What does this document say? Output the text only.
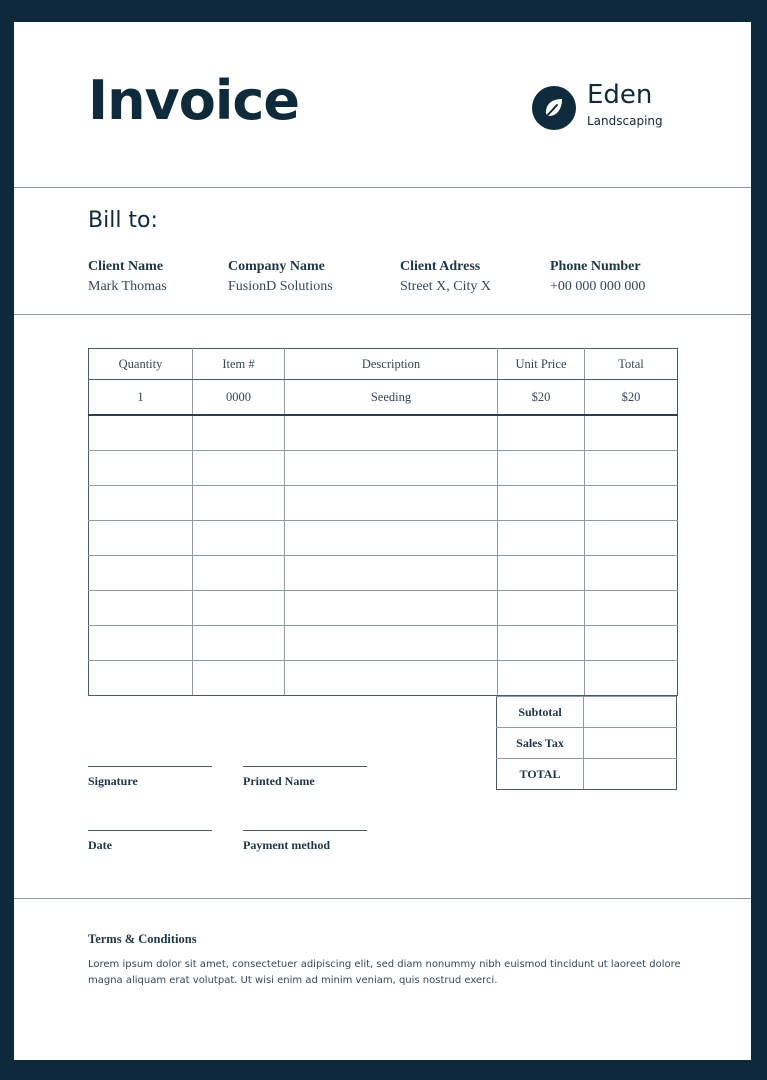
Invoice	Eden
Landscaping
Bill to:
Client Name
Mark Thomas
Company Name
FusionD Solutions
Client Adress
Street X, City X
Phone Number
+00 000 000 000
Quantity	Item #	Description	Unit Price	Total
1	0000	Seeding	$20	$20

Subtotal	
Sales Tax	
TOTAL	
Signature	Printed Name
Date	Payment method
Terms & Conditions
Lorem ipsum dolor sit amet, consectetuer adipiscing elit, sed diam nonummy nibh euismod tincidunt ut laoreet dolore magna aliquam erat volutpat. Ut wisi enim ad minim veniam, quis nostrud exerci.
